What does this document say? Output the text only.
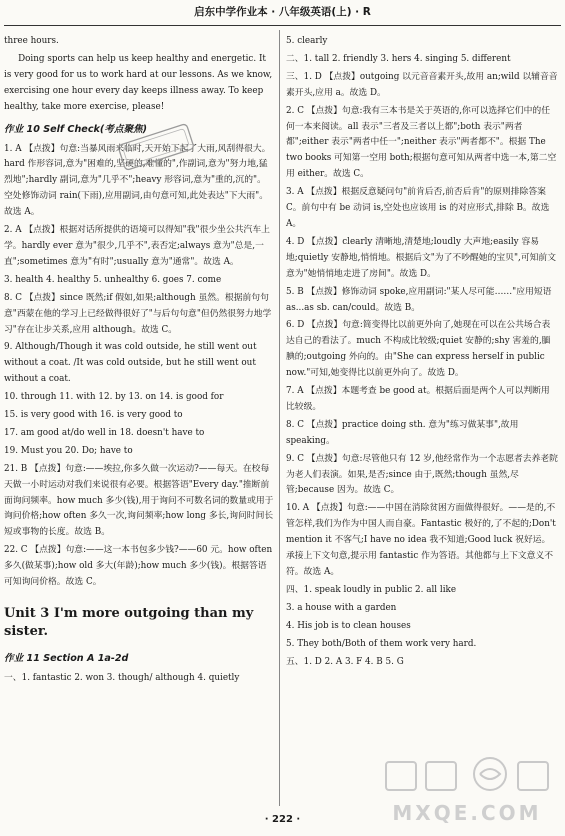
启东中学作业本 · 八年级英语(上) · R

three hours.

Doing sports can help us keep healthy and energetic. It is very good for us to work hard at our lessons. As we know, exercising one hour every day keeps illness away. To keep healthy, take more exercise, please!

作业 10 Self Check(考点聚焦)

1. A 【点拨】句意:当暴风雨来临时,天开始下起了大雨,风刮得很大。hard 作形容词,意为"困难的,坚硬的,难懂的",作副词,意为"努力地,猛烈地";hardly 副词,意为"几乎不";heavy 形容词,意为"重的,沉的"。空处修饰动词 rain(下雨),应用副词,由句意可知,此处表达"下大雨"。故选 A。

2. A 【点拨】根据对话所提供的语境可以得知"我"很少坐公共汽车上学。hardly ever 意为"很少,几乎不",表否定;always 意为"总是,一直";sometimes 意为"有时";usually 意为"通常"。故选 A。

3. health 4. healthy 5. unhealthy 6. goes 7. come

8. C 【点拨】since 既然;if 假如,如果;although 虽然。根据前句句意"西蒙在他的学习上已经做得很好了"与后句句意"但仍然很努力地学习"存在让步关系,应用 although。故选 C。

9. Although/Though it was cold outside, he still went out without a coat. /It was cold outside, but he still went out without a coat.

10. through 11. with 12. by 13. on 14. is good for

15. is very good with 16. is very good to

17. am good at/do well in 18. doesn't have to

19. Must you 20. Do; have to

21. B 【点拨】句意:——埃拉,你多久做一次运动?——每天。在校每天做一小时运动对我们来说很有必要。根据答语"Every day."推断前面询问频率。how much 多少(钱),用于询问不可数名词的数量或用于询问价格;how often 多久一次,询问频率;how long 多长,询问时间长短或事物的长度。故选 B。

22. C 【点拨】句意:——这一本书包多少钱?——60 元。how often 多久(做某事);how old 多大(年龄);how much 多少(钱)。根据答语可知询问价格。故选 C。

Unit 3 I'm more outgoing than my sister.
作业 11 Section A 1a-2d

一、1. fantastic 2. won 3. though/ although 4. quietly

5. clearly

二、1. tall 2. friendly 3. hers 4. singing 5. different

三、1. D 【点拨】outgoing 以元音音素开头,故用 an;wild 以辅音音素开头,应用 a。故选 D。

2. C 【点拨】句意:我有三本书是关于英语的,你可以选择它们中的任何一本来阅读。all 表示"三者及三者以上都";both 表示"两者都";either 表示"两者中任一";neither 表示"两者都不"。根据 The two books 可知第一空用 both;根据句意可知从两者中选一本,第二空用 either。故选 C。

3. A 【点拨】根据反意疑问句"前肯后否,前否后肯"的原则排除答案 C。前句中有 be 动词 is,空处也应该用 is 的对应形式,排除 B。故选 A。

4. D 【点拨】clearly 清晰地,清楚地;loudly 大声地;easily 容易地;quietly 安静地,悄悄地。根据后文"为了不吵醒她的宝贝",可知前文意为"她悄悄地走进了房间"。故选 D。

5. B 【点拨】修饰动词 spoke,应用副词:"某人尽可能……"应用短语 as...as sb. can/could。故选 B。

6. D 【点拨】句意:简变得比以前更外向了,她现在可以在公共场合表达自己的看法了。much 不构成比较级;quiet 安静的;shy 害羞的,腼腆的;outgoing 外向的。由"She can express herself in public now."可知,她变得比以前更外向了。故选 D。

7. A 【点拨】本题考查 be good at。根据后面是两个人可以判断用比较级。

8. C 【点拨】practice doing sth. 意为"练习做某事",故用 speaking。

9. C 【点拨】句意:尽管他只有 12 岁,他经常作为一个志愿者去养老院为老人们表演。如果,是否;since 由于,既然;though 虽然,尽管;because 因为。故选 C。

10. A 【点拨】句意:——中国在消除贫困方面做得很好。——是的,不管怎样,我们为作为中国人而自豪。Fantastic 极好的,了不起的;Don't mention it 不客气;I have no idea 我不知道;Good luck 祝好运。承接上下文句意,提示用 fantastic 作为答语。其他都与上下文意义不符。故选 A。

四、1. speak loudly in public 2. all like

3. a house with a garden

4. His job is to clean houses

5. They both/Both of them work very hard.

五、1. D 2. A 3. F 4. B 5. G

MXQE.COM
· 222 ·
